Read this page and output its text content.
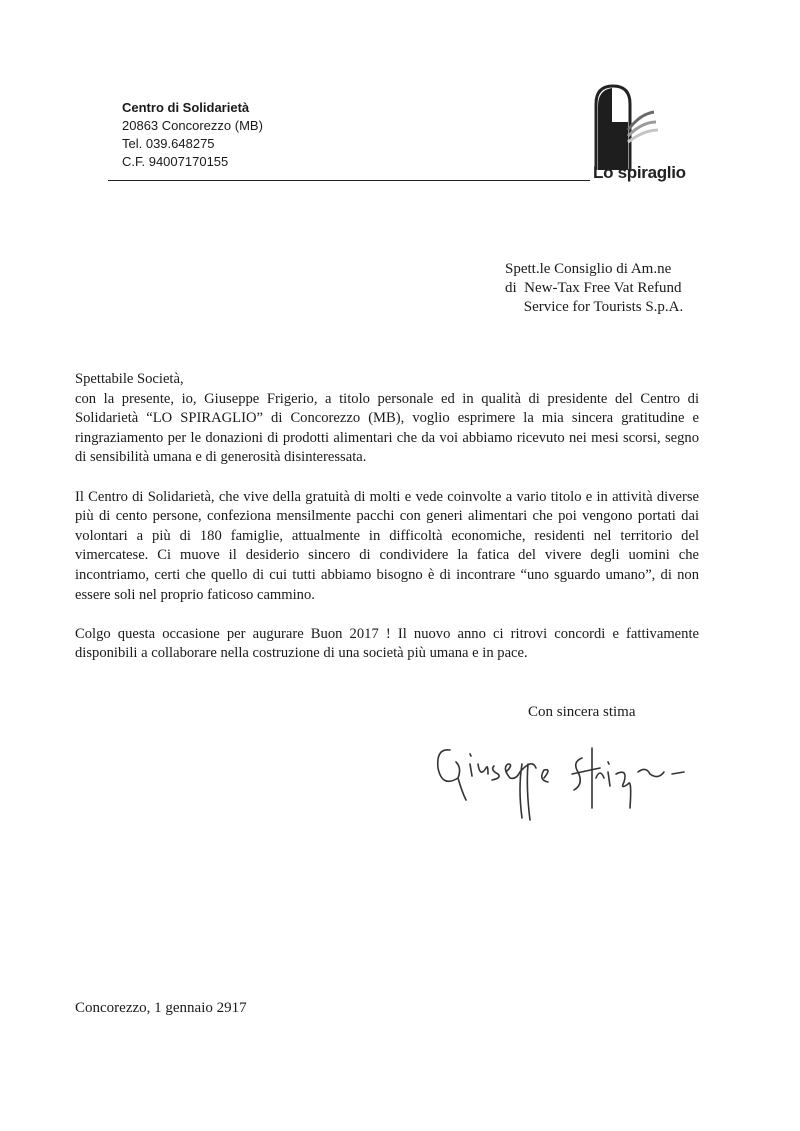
Centro di Solidarietà
20863 Concorezzo (MB)
Tel. 039.648275
C.F. 94007170155
Lo spiraglio
Spett.le Consiglio di Am.ne
di  New-Tax Free Vat Refund
Service for Tourists S.p.A.

Spettabile Società,

con la presente, io, Giuseppe Frigerio, a titolo personale ed in qualità di presidente del Centro di Solidarietà “LO SPIRAGLIO” di Concorezzo (MB), voglio esprimere la mia sincera gratitudine e ringraziamento per le donazioni di prodotti alimentari che da voi abbiamo ricevuto nei mesi scorsi, segno di sensibilità umana e di generosità disinteressata.

Il Centro di Solidarietà, che vive della gratuità di molti e vede coinvolte a vario titolo e in attività diverse più di cento persone, confeziona mensilmente pacchi con generi alimentari che poi vengono portati dai volontari a più di 180 famiglie, attualmente in difficoltà economiche, residenti nel territorio del vimercatese. Ci muove il desiderio sincero di condividere la fatica del vivere degli uomini che incontriamo, certi che quello di cui tutti abbiamo bisogno è di incontrare “uno sguardo umano”, di non essere soli nel proprio faticoso cammino.

Colgo questa occasione per augurare Buon 2017 ! Il nuovo anno ci ritrovi concordi e fattivamente disponibili a collaborare nella costruzione di una società più umana e in pace.

Con sincera stima
Concorezzo, 1 gennaio 2917
